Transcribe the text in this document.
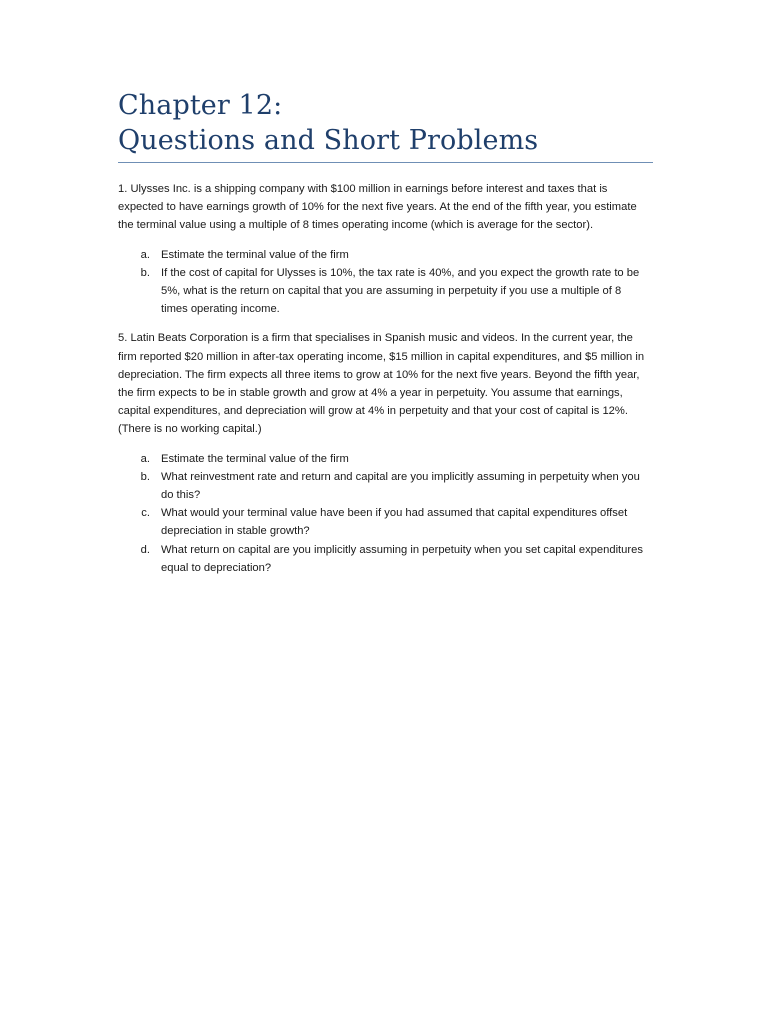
Chapter 12:
Questions and Short Problems

1. Ulysses Inc. is a shipping company with $100 million in earnings before interest and taxes that is expected to have earnings growth of 10% for the next five years. At the end of the fifth year, you estimate the terminal value using a multiple of 8 times operating income (which is average for the sector).

a. Estimate the terminal value of the firm
b. If the cost of capital for Ulysses is 10%, the tax rate is 40%, and you expect the growth rate to be 5%, what is the return on capital that you are assuming in perpetuity if you use a multiple of 8 times operating income.

5. Latin Beats Corporation is a firm that specialises in Spanish music and videos. In the current year, the firm reported $20 million in after-tax operating income, $15 million in capital expenditures, and $5 million in depreciation. The firm expects all three items to grow at 10% for the next five years. Beyond the fifth year, the firm expects to be in stable growth and grow at 4% a year in perpetuity. You assume that earnings, capital expenditures, and depreciation will grow at 4% in perpetuity and that your cost of capital is 12%. (There is no working capital.)

a. Estimate the terminal value of the firm
b. What reinvestment rate and return and capital are you implicitly assuming in perpetuity when you do this?
c. What would your terminal value have been if you had assumed that capital expenditures offset depreciation in stable growth?
d. What return on capital are you implicitly assuming in perpetuity when you set capital expenditures equal to depreciation?
